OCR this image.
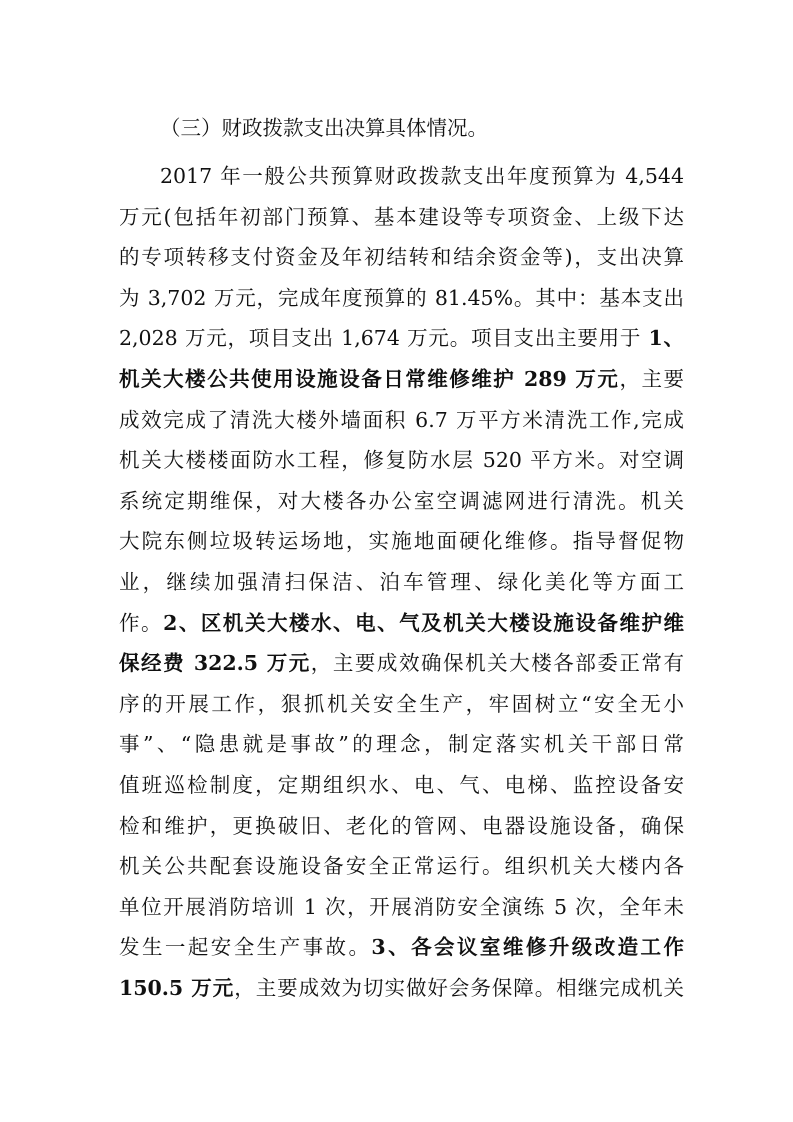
（三）财政拨款支出决算具体情况。
2017 年一般公共预算财政拨款支出年度预算为 4,544
万元(包括年初部门预算、基本建设等专项资金、上级下达
的专项转移支付资金及年初结转和结余资金等)，支出决算
为 3,702 万元，完成年度预算的 81.45%。其中：基本支出
2,028 万元，项目支出 1,674 万元。项目支出主要用于 1、
机关大楼公共使用设施设备日常维修维护 289 万元，主要
成效完成了清洗大楼外墙面积 6.7 万平方米清洗工作,完成
机关大楼楼面防水工程，修复防水层 520 平方米。对空调
系统定期维保，对大楼各办公室空调滤网进行清洗。机关
大院东侧垃圾转运场地，实施地面硬化维修。指导督促物
业，继续加强清扫保洁、泊车管理、绿化美化等方面工
作。2、区机关大楼水、电、气及机关大楼设施设备维护维
保经费 322.5 万元，主要成效确保机关大楼各部委正常有
序的开展工作，狠抓机关安全生产，牢固树立“安全无小
事”、“隐患就是事故”的理念，制定落实机关干部日常
值班巡检制度，定期组织水、电、气、电梯、监控设备安
检和维护，更换破旧、老化的管网、电器设施设备，确保
机关公共配套设施设备安全正常运行。组织机关大楼内各
单位开展消防培训 1 次，开展消防安全演练 5 次，全年未
发生一起安全生产事故。3、各会议室维修升级改造工作
150.5 万元，主要成效为切实做好会务保障。相继完成机关
